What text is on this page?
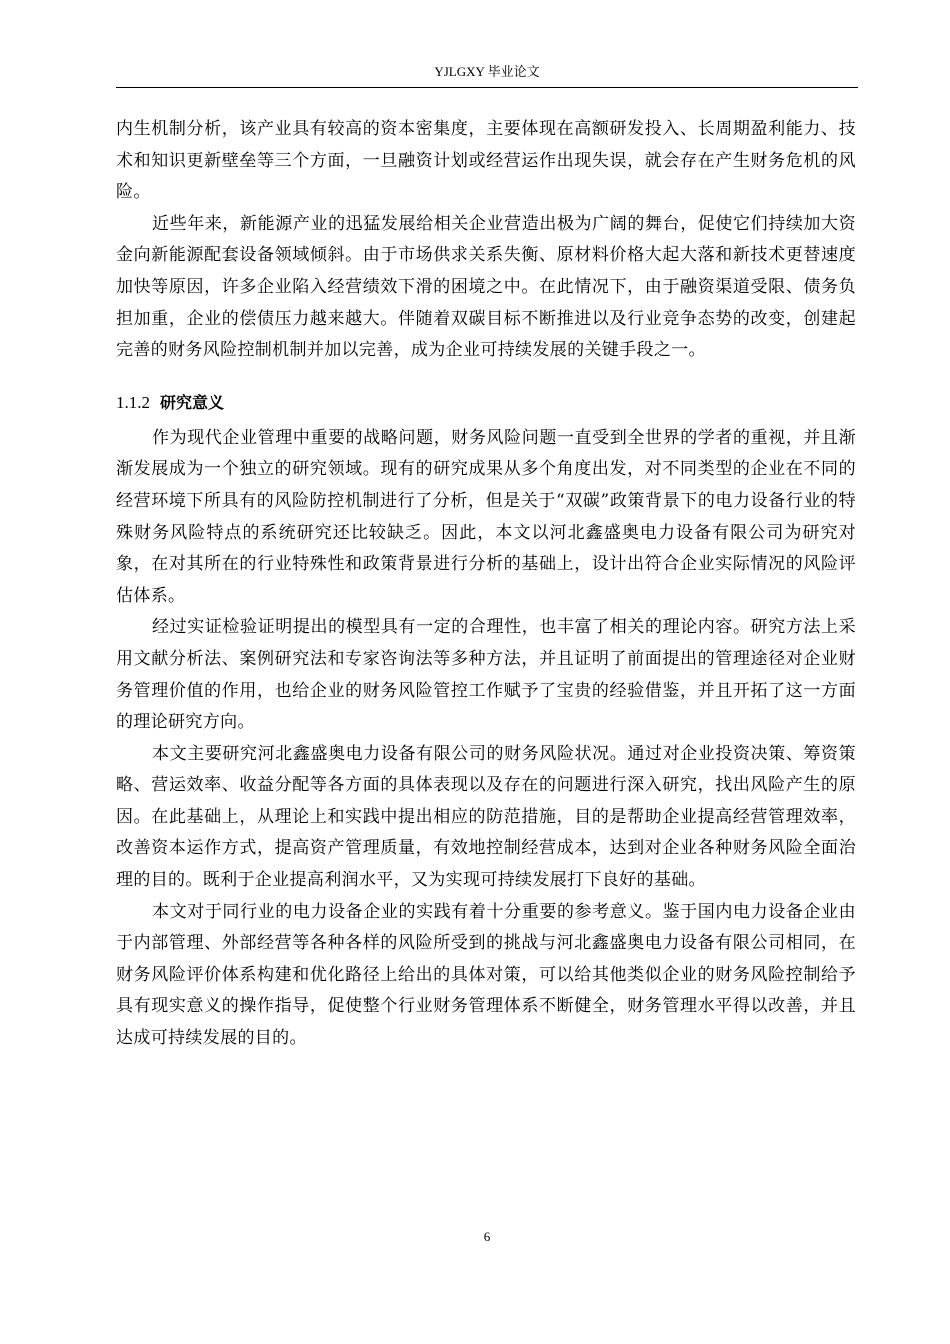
YJLGXY 毕业论文

内生机制分析，该产业具有较高的资本密集度，主要体现在高额研发投入、长周期盈利能力、技术和知识更新壁垒等三个方面，一旦融资计划或经营运作出现失误，就会存在产生财务危机的风险。

近些年来，新能源产业的迅猛发展给相关企业营造出极为广阔的舞台，促使它们持续加大资金向新能源配套设备领域倾斜。由于市场供求关系失衡、原材料价格大起大落和新技术更替速度加快等原因，许多企业陷入经营绩效下滑的困境之中。在此情况下，由于融资渠道受限、债务负担加重，企业的偿债压力越来越大。伴随着双碳目标不断推进以及行业竞争态势的改变，创建起完善的财务风险控制机制并加以完善，成为企业可持续发展的关键手段之一。

1.1.2 研究意义

作为现代企业管理中重要的战略问题，财务风险问题一直受到全世界的学者的重视，并且渐渐发展成为一个独立的研究领域。现有的研究成果从多个角度出发，对不同类型的企业在不同的经营环境下所具有的风险防控机制进行了分析，但是关于“双碳”政策背景下的电力设备行业的特殊财务风险特点的系统研究还比较缺乏。因此，本文以河北鑫盛奥电力设备有限公司为研究对象，在对其所在的行业特殊性和政策背景进行分析的基础上，设计出符合企业实际情况的风险评估体系。

经过实证检验证明提出的模型具有一定的合理性，也丰富了相关的理论内容。研究方法上采用文献分析法、案例研究法和专家咨询法等多种方法，并且证明了前面提出的管理途径对企业财务管理价值的作用，也给企业的财务风险管控工作赋予了宝贵的经验借鉴，并且开拓了这一方面的理论研究方向。

本文主要研究河北鑫盛奥电力设备有限公司的财务风险状况。通过对企业投资决策、筹资策略、营运效率、收益分配等各方面的具体表现以及存在的问题进行深入研究，找出风险产生的原因。在此基础上，从理论上和实践中提出相应的防范措施，目的是帮助企业提高经营管理效率，改善资本运作方式，提高资产管理质量，有效地控制经营成本，达到对企业各种财务风险全面治理的目的。既利于企业提高利润水平，又为实现可持续发展打下良好的基础。

本文对于同行业的电力设备企业的实践有着十分重要的参考意义。鉴于国内电力设备企业由于内部管理、外部经营等各种各样的风险所受到的挑战与河北鑫盛奥电力设备有限公司相同，在财务风险评价体系构建和优化路径上给出的具体对策，可以给其他类似企业的财务风险控制给予具有现实意义的操作指导，促使整个行业财务管理体系不断健全，财务管理水平得以改善，并且达成可持续发展的目的。

6
